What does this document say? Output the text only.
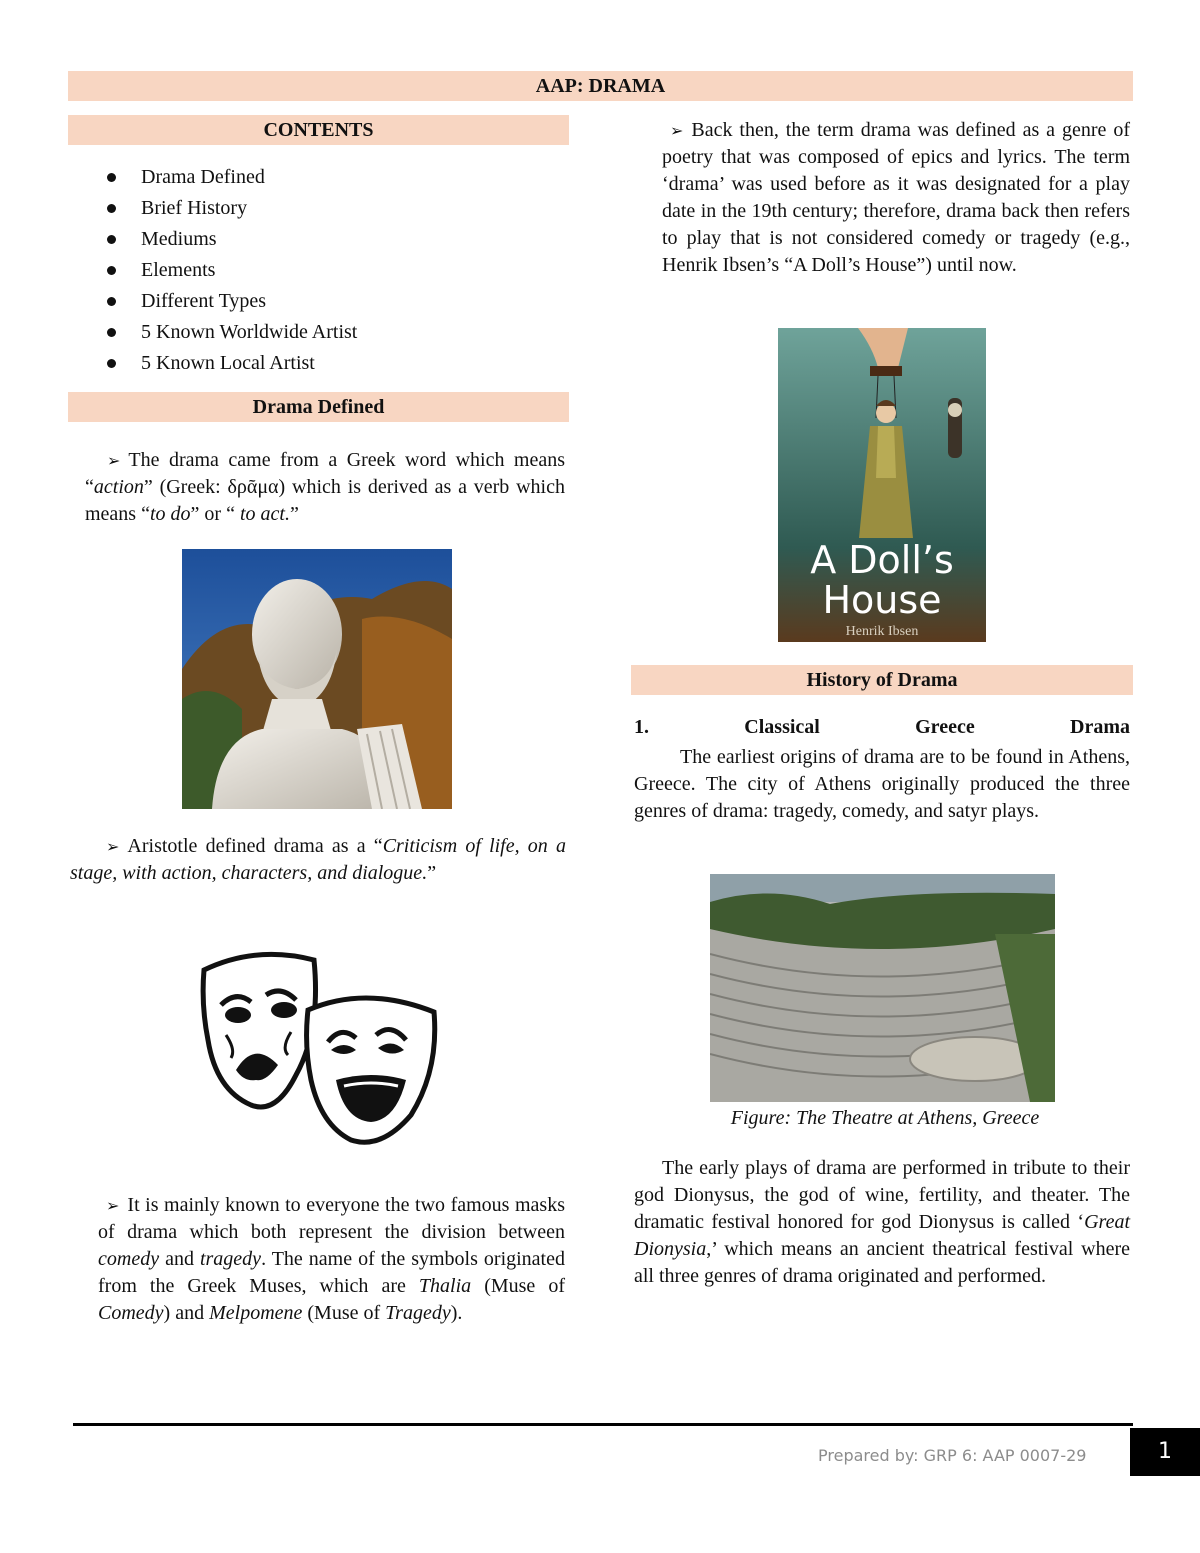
AAP: DRAMA
CONTENTS
Drama Defined
Brief History
Mediums
Elements
Different Types
5 Known Worldwide Artist
5 Known Local Artist
Drama Defined

➢ The drama came from a Greek word which means “action” (Greek: δρᾶμα) which is derived as a verb which means “to do” or “ to act.”

➢ Aristotle defined drama as a “Criticism of life, on a stage, with action, characters, and dialogue.”

➢ It is mainly known to everyone the two famous masks of drama which both represent the division between comedy and tragedy. The name of the symbols originated from the Greek Muses, which are Thalia (Muse of Comedy) and Melpomene (Muse of Tragedy).

➢ Back then, the term drama was defined as a genre of poetry that was composed of epics and lyrics. The term ‘drama’ was used before as it was designated for a play date in the 19th century; therefore, drama back then refers to play that is not considered comedy or tragedy (e.g., Henrik Ibsen’s “A Doll’s House”) until now.

A Doll’s
House
Henrik Ibsen
History of Drama
1.	Classical	Greece	Drama

The earliest origins of drama are to be found in Athens, Greece. The city of Athens originally produced the three genres of drama: tragedy, comedy, and satyr plays.

Figure: The Theatre at Athens, Greece

The early plays of drama are performed in tribute to their god Dionysus, the god of wine, fertility, and theater. The dramatic festival honored for god Dionysus is called ‘Great Dionysia,’ which means an ancient theatrical festival where all three genres of drama originated and performed.

Prepared by: GRP 6: AAP 0007-29	1
